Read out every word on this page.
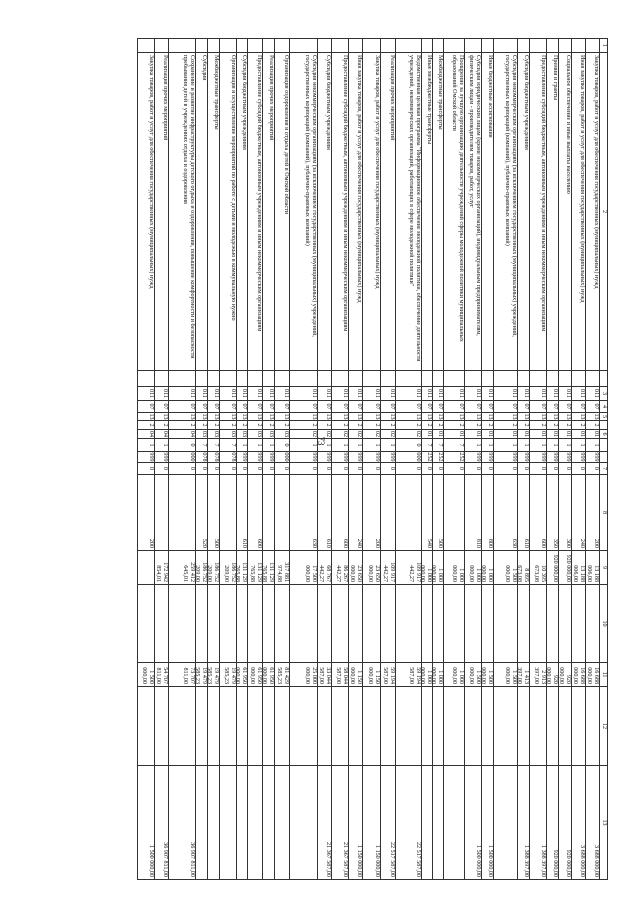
73
1
2
3
4
5
6
7
8
9
10
11
12
13
Закупка товаров, работ и услуг для обеспечения государственных (муниципальных) нужд
011
07
13
2
01
1
999
0
200
13 188 006,00
16 688 000,00
3 688 000,00
Иная закупка товаров, работ и услуг для обеспечения государственных (муниципальных) нужд
011
07
13
2
01
1
999
0
240
13 188 006,00
16 688 000,00
3 688 000,00
Социальное обеспечение и иные выплаты населению
011
07
13
2
01
1
999
0
300
920 000,00
920 000,00
920 000,00
Премии и гранты
011
07
13
2
01
1
999
0
350
920 000,00
920 000,00
920 000,00
Предоставление субсидий бюджетным, автономным учреждениям и иным некоммерческим организациям
011
07
13
2
01
1
999
0
600
10 395 673,08
2 913 397,00
1 388 397,00
Субсидии бюджетным учреждениям
011
07
13
2
01
1
999
0
610
8 895 673,08
1 413 397,00
1 388 397,00
Субсидии некоммерческим организациям (за исключением государственных (муниципальных) учреждений, государственных корпораций (компаний), публично-правовых компаний)
011
07
13
2
01
1
999
0
630
1 500 000,00
1 500 000,00
Иные бюджетные ассигнования
011
07
13
2
01
1
999
0
800
1 000 000,00
1 500 000,00
1 500 000,00
Субсидии юридическим лицам (кроме некоммерческих организаций), индивидуальным предпринимателям, физическим лицам - производителям товаров, работ, услуг
011
07
13
2
01
1
999
0
810
1 000 000,00
1 500 000,00
1 500 000,00
Поощрение за лучшую организацию деятельности учреждений сферы молодежной политики муниципальных образований Омской области
011
07
13
2
01
7
252
0
1 000 000,00
1 000 000,00
Межбюджетные трансферты
011
07
13
2
01
7
252
0
500
1 000 000,00
1 000 000,00
Иные межбюджетные трансферты
011
07
13
2
01
7
252
0
540
1 000 000,00
1 000 000,00
Ведомственная целевая программа "Информационное обеспечение молодежной политики, обеспечение деятельности учреждений, некоммерческих организаций, работающих в сфере молодежной политики"
011
07
13
2
02
0
000
0
109 917 442,27
59 194 587,00
22 517 587,00
Реализация прочих мероприятий
011
07
13
2
02
1
999
0
109 917 442,27
59 194 587,00
22 517 587,00
Закупка товаров, работ и услуг для обеспечения государственных (муниципальных) нужд
011
07
13
2
02
1
999
0
200
23 650 000,00
1 150 000,00
1 150 000,00
Иная закупка товаров, работ и услуг для обеспечения государственных (муниципальных) нужд
011
07
13
2
02
1
999
0
240
23 650 000,00
1 150 000,00
1 150 000,00
Предоставление субсидий бюджетным, автономным учреждениям и иным некоммерческим организациям
011
07
13
2
02
1
999
0
600
86 267 442,27
58 044 587,00
21 367 587,00
Субсидии бюджетным учреждениям
011
07
13
2
02
1
999
0
610
68 767 442,27
33 044 587,00
21 367 587,00
Субсидии некоммерческим организациям (за исключением государственных (муниципальных) учреждений, государственных корпораций (компаний), публично-правовых компаний)
011
07
13
2
02
1
999
0
630
17 500 000,00
25 000 000,00
Организация оздоровления и отдыха детей в Омской области
011
07
13
2
03
0
000
0
317 881 974,88
81 429 585,23
Реализация прочих мероприятий
011
07
13
2
03
1
999
0
131 129 765,88
61 950 000,00
Предоставление субсидий бюджетным, автономным учреждениям и иным некоммерческим организациям
011
07
13
2
03
1
999
0
600
131 129 765,88
61 950 000,00
Субсидии бюджетным учреждениям
011
07
13
2
03
1
999
0
610
131 129 765,88
61 950 000,00
Организация и осуществление мероприятий по работе с детьми и молодежью в коммунальную нужно
011
07
13
2
03
7
078
0
186 752 209,00
19 479 585,23
Межбюджетные трансферты
011
07
13
2
03
7
078
0
500
186 752 209,00
19 479 585,23
Субсидии
011
07
13
2
03
7
078
0
520
186 752 209,00
19 479 585,23
Сохранение и развитие инфраструктуры детского отдыха и оздоровления, повышение комфортности и безопасности пребывания детей в учреждениях отдыха и оздоровления
011
07
13
2
04
0
000
0
259 412 645,01
73 707 811,00
36 907 811,00
Реализация прочих мероприятий
011
07
13
2
04
1
999
0
172 942 854,01
54 707 811,00
36 907 811,00
Закупка товаров, работ и услуг для обеспечения государственных (муниципальных) нужд
011
07
13
2
04
1
999
0
200
1 500 000,00
1 500 000,00
